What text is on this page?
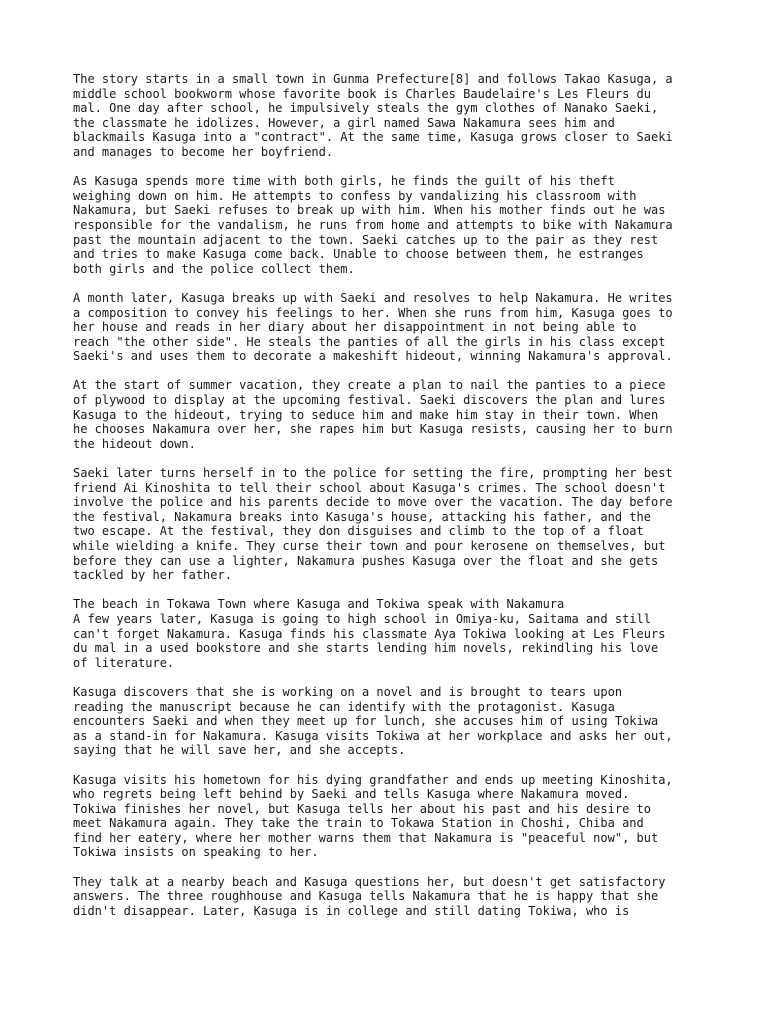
The story starts in a small town in Gunma Prefecture[8] and follows Takao Kasuga, a
middle school bookworm whose favorite book is Charles Baudelaire's Les Fleurs du
mal. One day after school, he impulsively steals the gym clothes of Nanako Saeki,
the classmate he idolizes. However, a girl named Sawa Nakamura sees him and
blackmails Kasuga into a "contract". At the same time, Kasuga grows closer to Saeki
and manages to become her boyfriend.

As Kasuga spends more time with both girls, he finds the guilt of his theft
weighing down on him. He attempts to confess by vandalizing his classroom with
Nakamura, but Saeki refuses to break up with him. When his mother finds out he was
responsible for the vandalism, he runs from home and attempts to bike with Nakamura
past the mountain adjacent to the town. Saeki catches up to the pair as they rest
and tries to make Kasuga come back. Unable to choose between them, he estranges
both girls and the police collect them.

A month later, Kasuga breaks up with Saeki and resolves to help Nakamura. He writes
a composition to convey his feelings to her. When she runs from him, Kasuga goes to
her house and reads in her diary about her disappointment in not being able to
reach "the other side". He steals the panties of all the girls in his class except
Saeki's and uses them to decorate a makeshift hideout, winning Nakamura's approval.

At the start of summer vacation, they create a plan to nail the panties to a piece
of plywood to display at the upcoming festival. Saeki discovers the plan and lures
Kasuga to the hideout, trying to seduce him and make him stay in their town. When
he chooses Nakamura over her, she rapes him but Kasuga resists, causing her to burn
the hideout down.

Saeki later turns herself in to the police for setting the fire, prompting her best
friend Ai Kinoshita to tell their school about Kasuga's crimes. The school doesn't
involve the police and his parents decide to move over the vacation. The day before
the festival, Nakamura breaks into Kasuga's house, attacking his father, and the
two escape. At the festival, they don disguises and climb to the top of a float
while wielding a knife. They curse their town and pour kerosene on themselves, but
before they can use a lighter, Nakamura pushes Kasuga over the float and she gets
tackled by her father.

The beach in Tokawa Town where Kasuga and Tokiwa speak with Nakamura
A few years later, Kasuga is going to high school in Omiya-ku, Saitama and still
can't forget Nakamura. Kasuga finds his classmate Aya Tokiwa looking at Les Fleurs
du mal in a used bookstore and she starts lending him novels, rekindling his love
of literature.

Kasuga discovers that she is working on a novel and is brought to tears upon
reading the manuscript because he can identify with the protagonist. Kasuga
encounters Saeki and when they meet up for lunch, she accuses him of using Tokiwa
as a stand-in for Nakamura. Kasuga visits Tokiwa at her workplace and asks her out,
saying that he will save her, and she accepts.

Kasuga visits his hometown for his dying grandfather and ends up meeting Kinoshita,
who regrets being left behind by Saeki and tells Kasuga where Nakamura moved.
Tokiwa finishes her novel, but Kasuga tells her about his past and his desire to
meet Nakamura again. They take the train to Tokawa Station in Choshi, Chiba and
find her eatery, where her mother warns them that Nakamura is "peaceful now", but
Tokiwa insists on speaking to her.

They talk at a nearby beach and Kasuga questions her, but doesn't get satisfactory
answers. The three roughhouse and Kasuga tells Nakamura that he is happy that she
didn't disappear. Later, Kasuga is in college and still dating Tokiwa, who is
